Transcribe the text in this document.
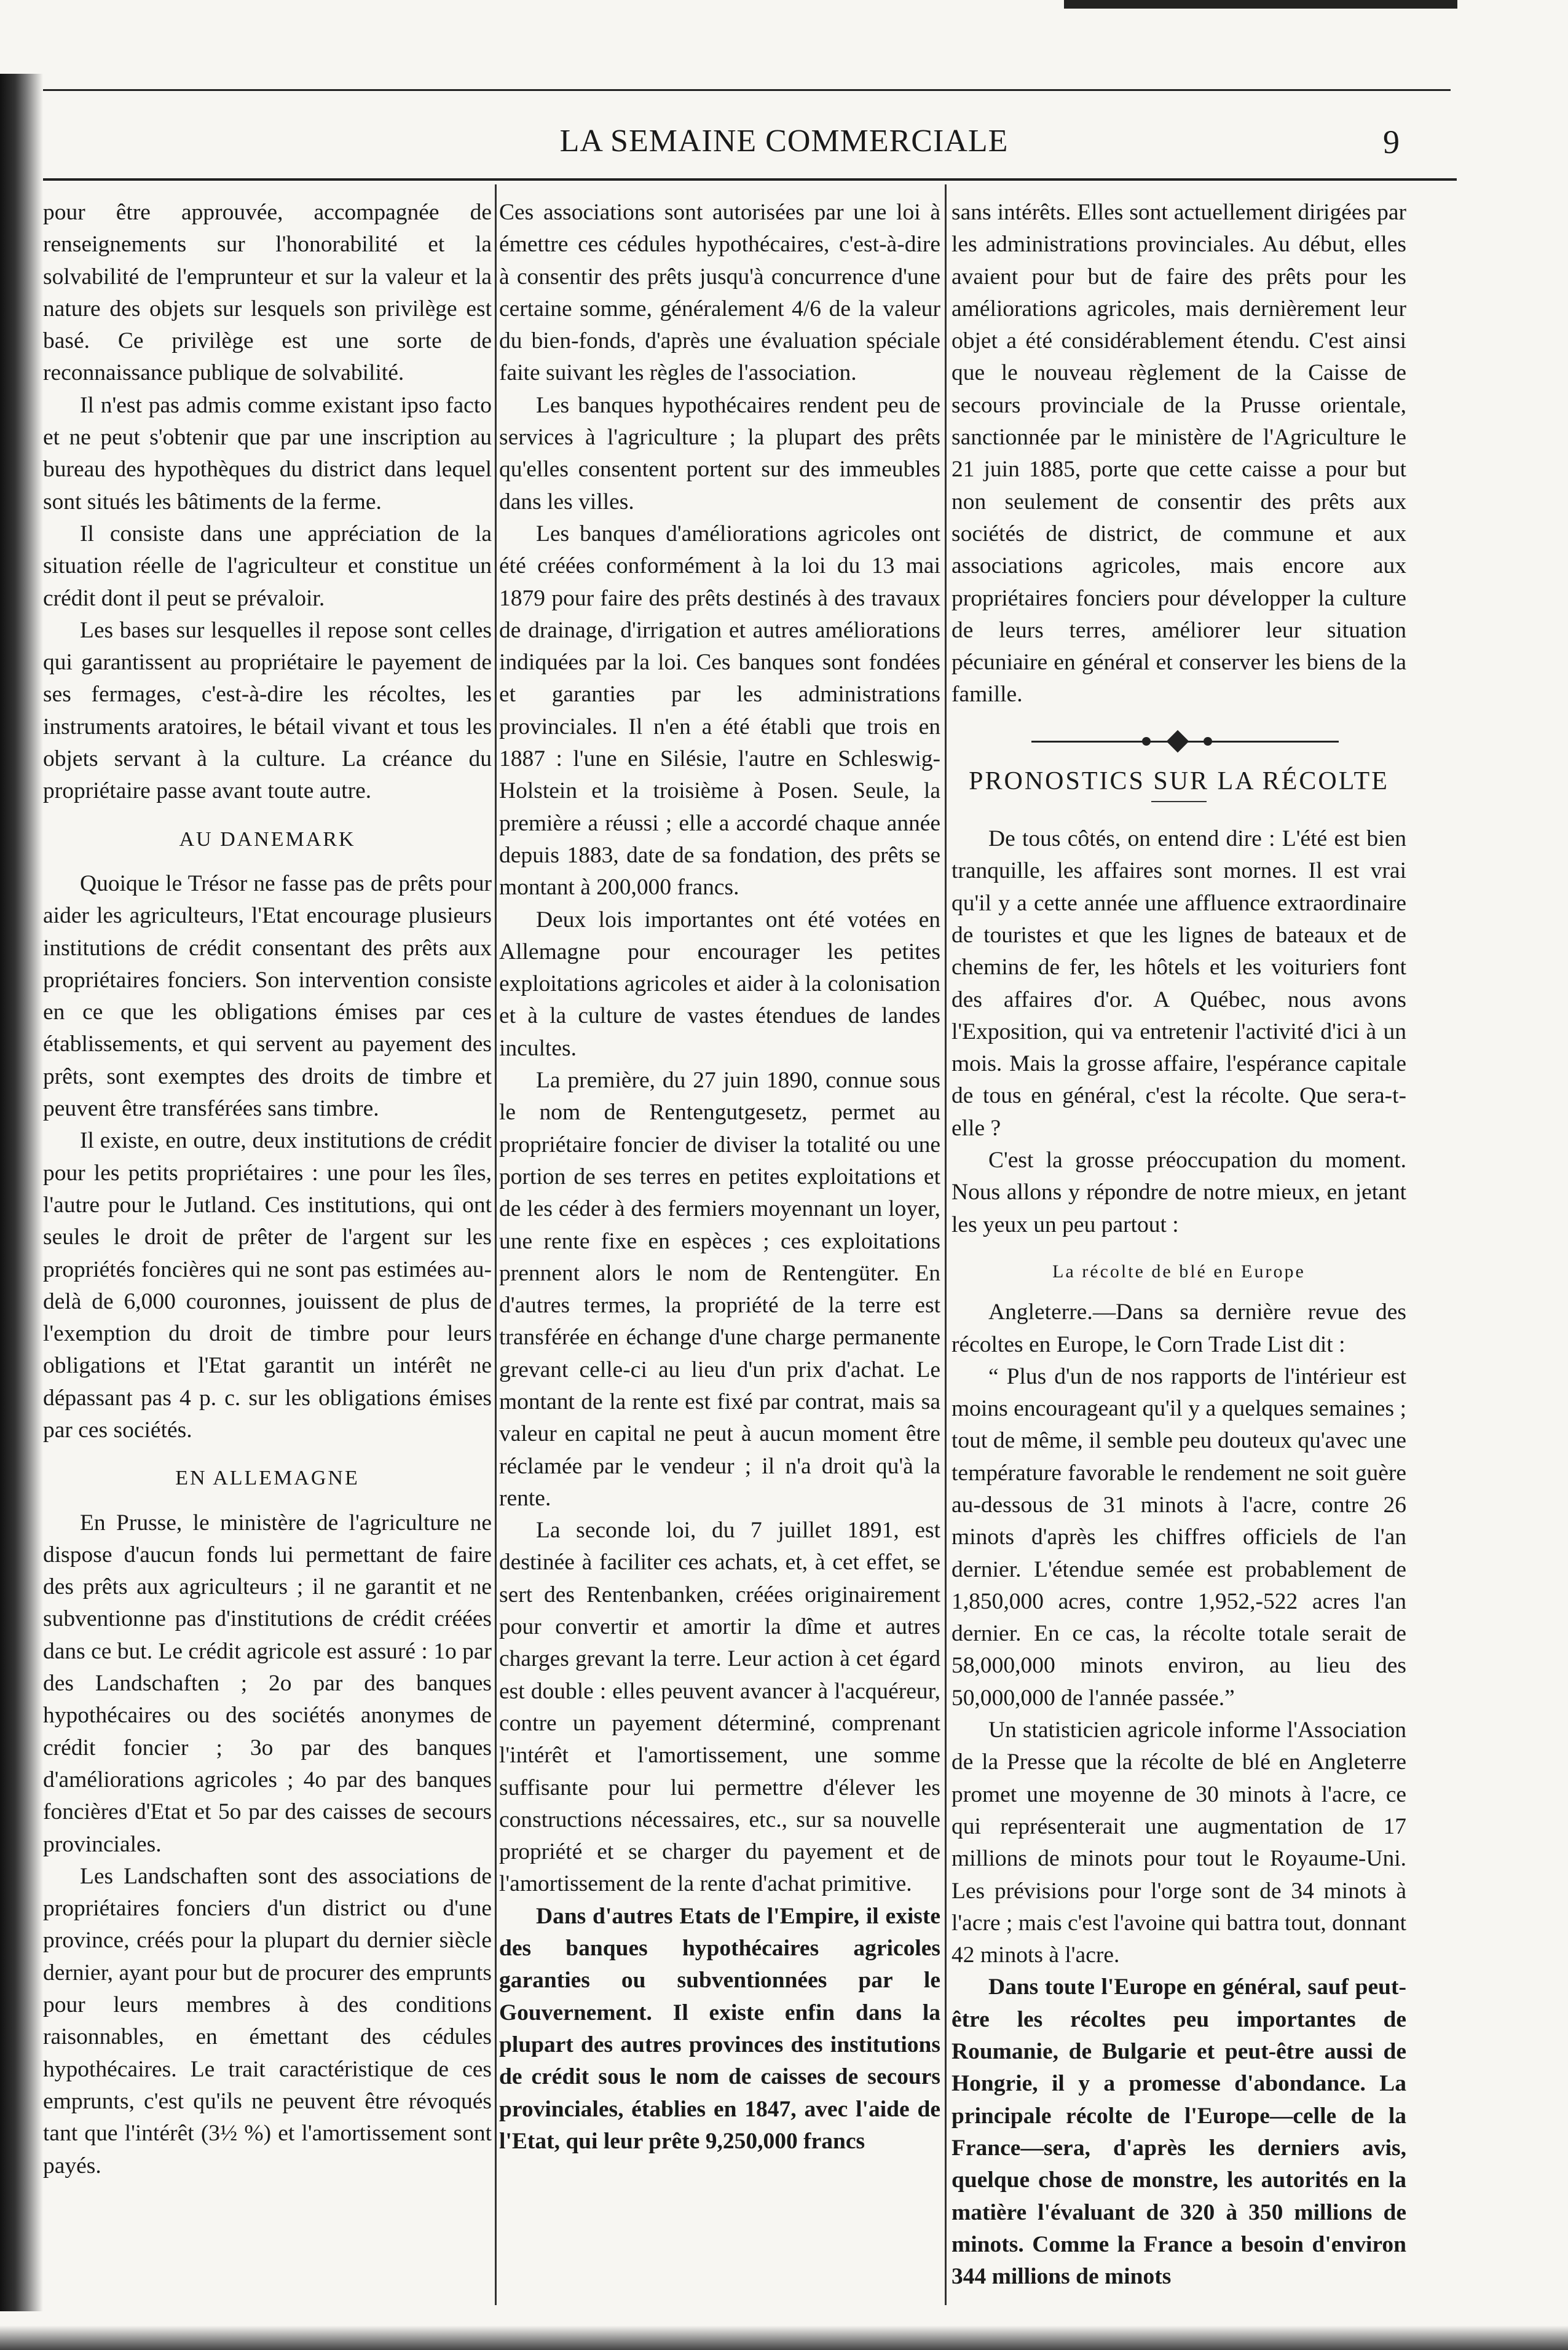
LA SEMAINE COMMERCIALE	9

pour être approuvée, accompagnée de renseignements sur l'honorabilité et la solvabilité de l'emprunteur et sur la valeur et la nature des objets sur lesquels son privilège est basé. Ce privilège est une sorte de reconnaissance publique de solvabilité.

Il n'est pas admis comme existant ipso facto et ne peut s'obtenir que par une inscription au bureau des hypothèques du district dans lequel sont situés les bâtiments de la ferme.

Il consiste dans une appréciation de la situation réelle de l'agriculteur et constitue un crédit dont il peut se prévaloir.

Les bases sur lesquelles il repose sont celles qui garantissent au propriétaire le payement de ses fermages, c'est-à-dire les récoltes, les instruments aratoires, le bétail vivant et tous les objets servant à la culture. La créance du propriétaire passe avant toute autre.

AU DANEMARK

Quoique le Trésor ne fasse pas de prêts pour aider les agriculteurs, l'Etat encourage plusieurs institutions de crédit consentant des prêts aux propriétaires fonciers. Son intervention consiste en ce que les obligations émises par ces établissements, et qui servent au payement des prêts, sont exemptes des droits de timbre et peuvent être transférées sans timbre.

Il existe, en outre, deux institutions de crédit pour les petits propriétaires : une pour les îles, l'autre pour le Jutland. Ces institutions, qui ont seules le droit de prêter de l'argent sur les propriétés foncières qui ne sont pas estimées au-delà de 6,000 couronnes, jouissent de plus de l'exemption du droit de timbre pour leurs obligations et l'Etat garantit un intérêt ne dépassant pas 4 p. c. sur les obligations émises par ces sociétés.

EN ALLEMAGNE

En Prusse, le ministère de l'agriculture ne dispose d'aucun fonds lui permettant de faire des prêts aux agriculteurs ; il ne garantit et ne subventionne pas d'institutions de crédit créées dans ce but. Le crédit agricole est assuré : 1o par des Landschaften ; 2o par des banques hypothécaires ou des sociétés anonymes de crédit foncier ; 3o par des banques d'améliorations agricoles ; 4o par des banques foncières d'Etat et 5o par des caisses de secours provinciales.

Les Landschaften sont des associations de propriétaires fonciers d'un district ou d'une province, créés pour la plupart du dernier siècle dernier, ayant pour but de procurer des emprunts pour leurs membres à des conditions raisonnables, en émettant des cédules hypothécaires. Le trait caractéristique de ces emprunts, c'est qu'ils ne peuvent être révoqués tant que l'intérêt (3½ %) et l'amortissement sont payés.

Ces associations sont autorisées par une loi à émettre ces cédules hypothécaires, c'est-à-dire à consentir des prêts jusqu'à concurrence d'une certaine somme, généralement 4/6 de la valeur du bien-fonds, d'après une évaluation spéciale faite suivant les règles de l'association.

Les banques hypothécaires rendent peu de services à l'agriculture ; la plupart des prêts qu'elles consentent portent sur des immeubles dans les villes.

Les banques d'améliorations agricoles ont été créées conformément à la loi du 13 mai 1879 pour faire des prêts destinés à des travaux de drainage, d'irrigation et autres améliorations indiquées par la loi. Ces banques sont fondées et garanties par les administrations provinciales. Il n'en a été établi que trois en 1887 : l'une en Silésie, l'autre en Schleswig-Holstein et la troisième à Posen. Seule, la première a réussi ; elle a accordé chaque année depuis 1883, date de sa fondation, des prêts se montant à 200,000 francs.

Deux lois importantes ont été votées en Allemagne pour encourager les petites exploitations agricoles et aider à la colonisation et à la culture de vastes étendues de landes incultes.

La première, du 27 juin 1890, connue sous le nom de Rentengutgesetz, permet au propriétaire foncier de diviser la totalité ou une portion de ses terres en petites exploitations et de les céder à des fermiers moyennant un loyer, une rente fixe en espèces ; ces exploitations prennent alors le nom de Rentengüter. En d'autres termes, la propriété de la terre est transférée en échange d'une charge permanente grevant celle-ci au lieu d'un prix d'achat. Le montant de la rente est fixé par contrat, mais sa valeur en capital ne peut à aucun moment être réclamée par le vendeur ; il n'a droit qu'à la rente.

La seconde loi, du 7 juillet 1891, est destinée à faciliter ces achats, et, à cet effet, se sert des Rentenbanken, créées originairement pour convertir et amortir la dîme et autres charges grevant la terre. Leur action à cet égard est double : elles peuvent avancer à l'acquéreur, contre un payement déterminé, comprenant l'intérêt et l'amortissement, une somme suffisante pour lui permettre d'élever les constructions nécessaires, etc., sur sa nouvelle propriété et se charger du payement et de l'amortissement de la rente d'achat primitive.

Dans d'autres Etats de l'Empire, il existe des banques hypothécaires agricoles garanties ou subventionnées par le Gouvernement. Il existe enfin dans la plupart des autres provinces des institutions de crédit sous le nom de caisses de secours provinciales, établies en 1847, avec l'aide de l'Etat, qui leur prête 9,250,000 francs

sans intérêts. Elles sont actuellement dirigées par les administrations provinciales. Au début, elles avaient pour but de faire des prêts pour les améliorations agricoles, mais dernièrement leur objet a été considérablement étendu. C'est ainsi que le nouveau règlement de la Caisse de secours provinciale de la Prusse orientale, sanctionnée par le ministère de l'Agriculture le 21 juin 1885, porte que cette caisse a pour but non seulement de consentir des prêts aux sociétés de district, de commune et aux associations agricoles, mais encore aux propriétaires fonciers pour développer la culture de leurs terres, améliorer leur situation pécuniaire en général et conserver les biens de la famille.

PRONOSTICS SUR LA RÉCOLTE

De tous côtés, on entend dire : L'été est bien tranquille, les affaires sont mornes. Il est vrai qu'il y a cette année une affluence extraordinaire de touristes et que les lignes de bateaux et de chemins de fer, les hôtels et les voituriers font des affaires d'or. A Québec, nous avons l'Exposition, qui va entretenir l'activité d'ici à un mois. Mais la grosse affaire, l'espérance capitale de tous en général, c'est la récolte. Que sera-t-elle ?

C'est la grosse préoccupation du moment. Nous allons y répondre de notre mieux, en jetant les yeux un peu partout :

La récolte de blé en Europe

Angleterre.—Dans sa dernière revue des récoltes en Europe, le Corn Trade List dit :

“ Plus d'un de nos rapports de l'intérieur est moins encourageant qu'il y a quelques semaines ; tout de même, il semble peu douteux qu'avec une température favorable le rendement ne soit guère au-dessous de 31 minots à l'acre, contre 26 minots d'après les chiffres officiels de l'an dernier. L'étendue semée est probablement de 1,850,000 acres, contre 1,952,-522 acres l'an dernier. En ce cas, la récolte totale serait de 58,000,000 minots environ, au lieu des 50,000,000 de l'année passée.”

Un statisticien agricole informe l'Association de la Presse que la récolte de blé en Angleterre promet une moyenne de 30 minots à l'acre, ce qui représenterait une augmentation de 17 millions de minots pour tout le Royaume-Uni. Les prévisions pour l'orge sont de 34 minots à l'acre ; mais c'est l'avoine qui battra tout, donnant 42 minots à l'acre.

Dans toute l'Europe en général, sauf peut-être les récoltes peu importantes de Roumanie, de Bulgarie et peut-être aussi de Hongrie, il y a promesse d'abondance. La principale récolte de l'Europe—celle de la France—sera, d'après les derniers avis, quelque chose de monstre, les autorités en la matière l'évaluant de 320 à 350 millions de minots. Comme la France a besoin d'environ 344 millions de minots
